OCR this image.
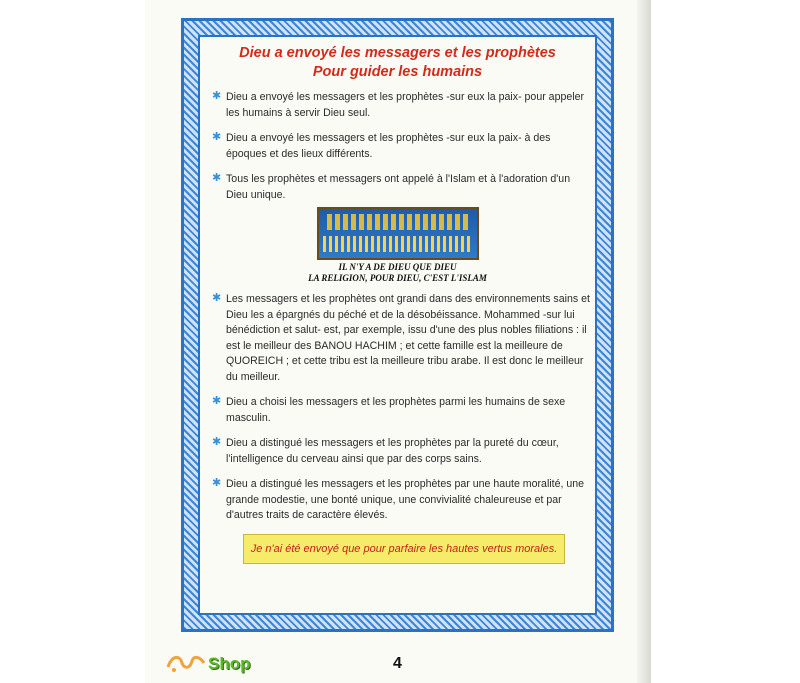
Dieu a envoyé les messagers et les prophètes
Pour guider les humains
✱ Dieu a envoyé les messagers et les prophètes -sur eux la paix- pour appeler les humains à servir Dieu seul.

✱ Dieu a envoyé les messagers et les prophètes -sur eux la paix- à des époques et des lieux différents.

✱ Tous les prophètes et messagers ont appelé à l'Islam et à l'adoration d'un Dieu unique.

IL N'Y A DE DIEU QUE DIEU
LA RELIGION, POUR DIEU, C'EST L'ISLAM
✱ Les messagers et les prophètes ont grandi dans des environnements sains et Dieu les a épargnés du péché et de la désobéissance. Mohammed -sur lui bénédiction et salut- est, par exemple, issu d'une des plus nobles filiations : il est le meilleur des BANOU HACHIM ; et cette famille est la meilleure de QUOREICH ; et cette tribu est la meilleure tribu arabe. Il est donc le meilleur du meilleur.

✱ Dieu a choisi les messagers et les prophètes parmi les humains de sexe masculin.

✱ Dieu a distingué les messagers et les prophètes par la pureté du cœur, l'intelligence du cerveau ainsi que par des corps sains.

✱ Dieu a distingué les messagers et les prophètes par une haute moralité, une grande modestie, une bonté unique, une convivialité chaleureuse et par d'autres traits de caractère élevés.

Je n'ai été envoyé que pour parfaire les hautes vertus morales.
Shop	4
